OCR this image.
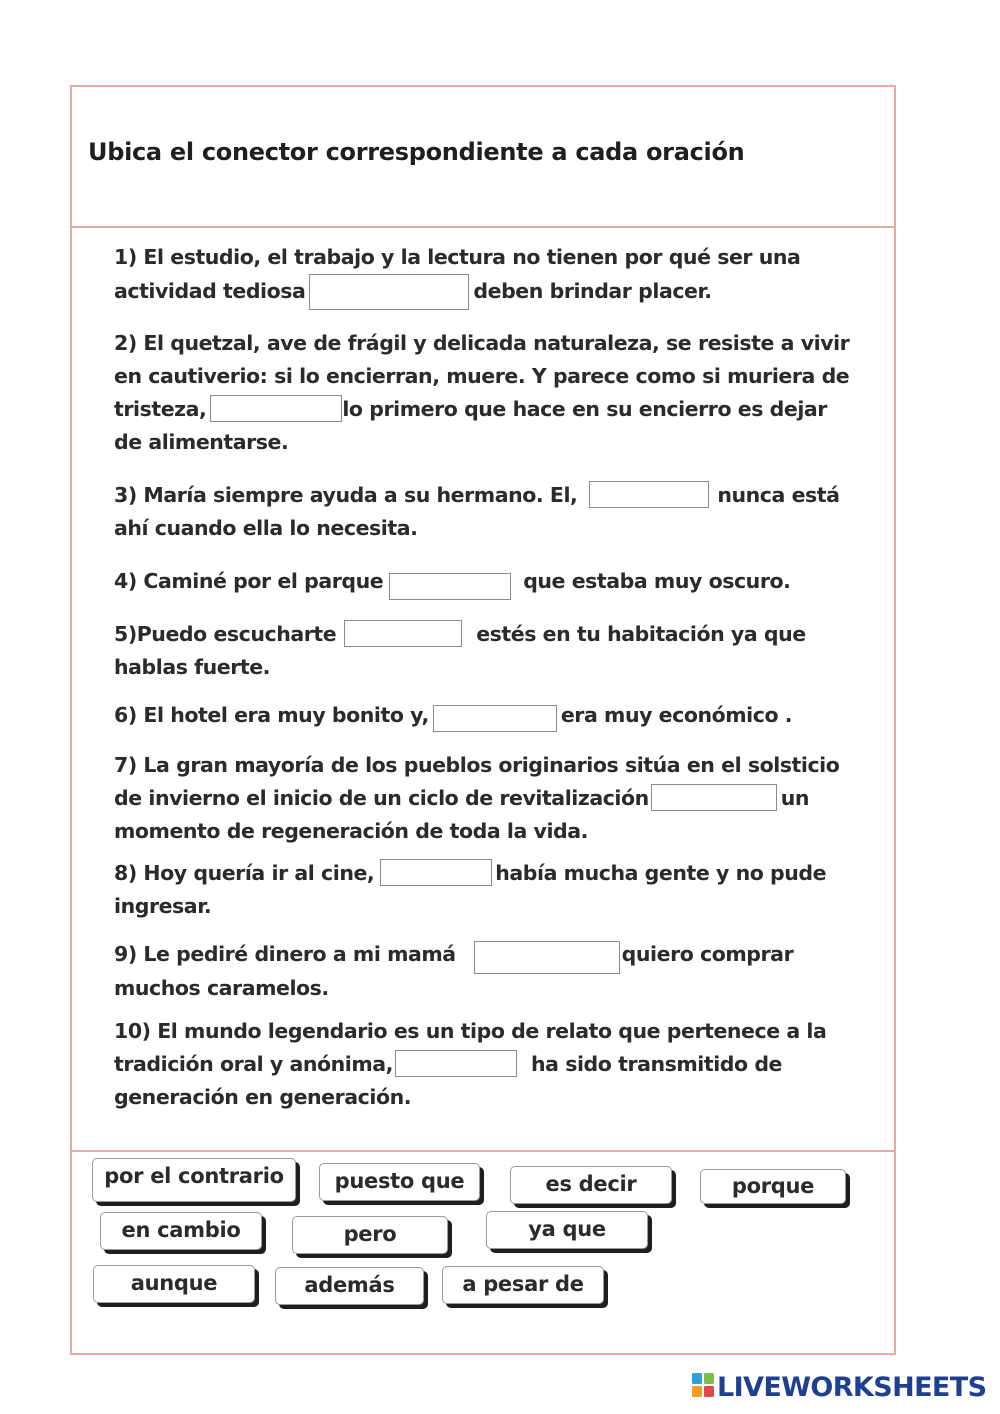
Ubica el conector correspondiente a cada oración
1) El estudio, el trabajo y la lectura no tienen por qué ser una
actividad tediosa	deben brindar placer.
2) El quetzal, ave de frágil y delicada naturaleza, se resiste a vivir
en cautiverio: si lo encierran, muere. Y parece como si muriera de
tristeza,	lo primero que hace en su encierro es dejar
de alimentarse.
3) María siempre ayuda a su hermano. El,	nunca está
ahí cuando ella lo necesita.
4) Caminé por el parque	que estaba muy oscuro.
5)Puedo escucharte	estés en tu habitación ya que
hablas fuerte.
6) El hotel era muy bonito y,	era muy económico .
7) La gran mayoría de los pueblos originarios sitúa en el solsticio
de invierno el inicio de un ciclo de revitalización	un
momento de regeneración de toda la vida.
8) Hoy quería ir al cine,	había mucha gente y no pude
ingresar.
9) Le pediré dinero a mi mamá	quiero comprar
muchos caramelos.
10) El mundo legendario es un tipo de relato que pertenece a la
tradición oral y anónima,	ha sido transmitido de
generación en generación.
por el contrario	puesto que	es decir	porque
en cambio	pero	ya que
aunque	además	a pesar de
LIVEWORKSHEETS
